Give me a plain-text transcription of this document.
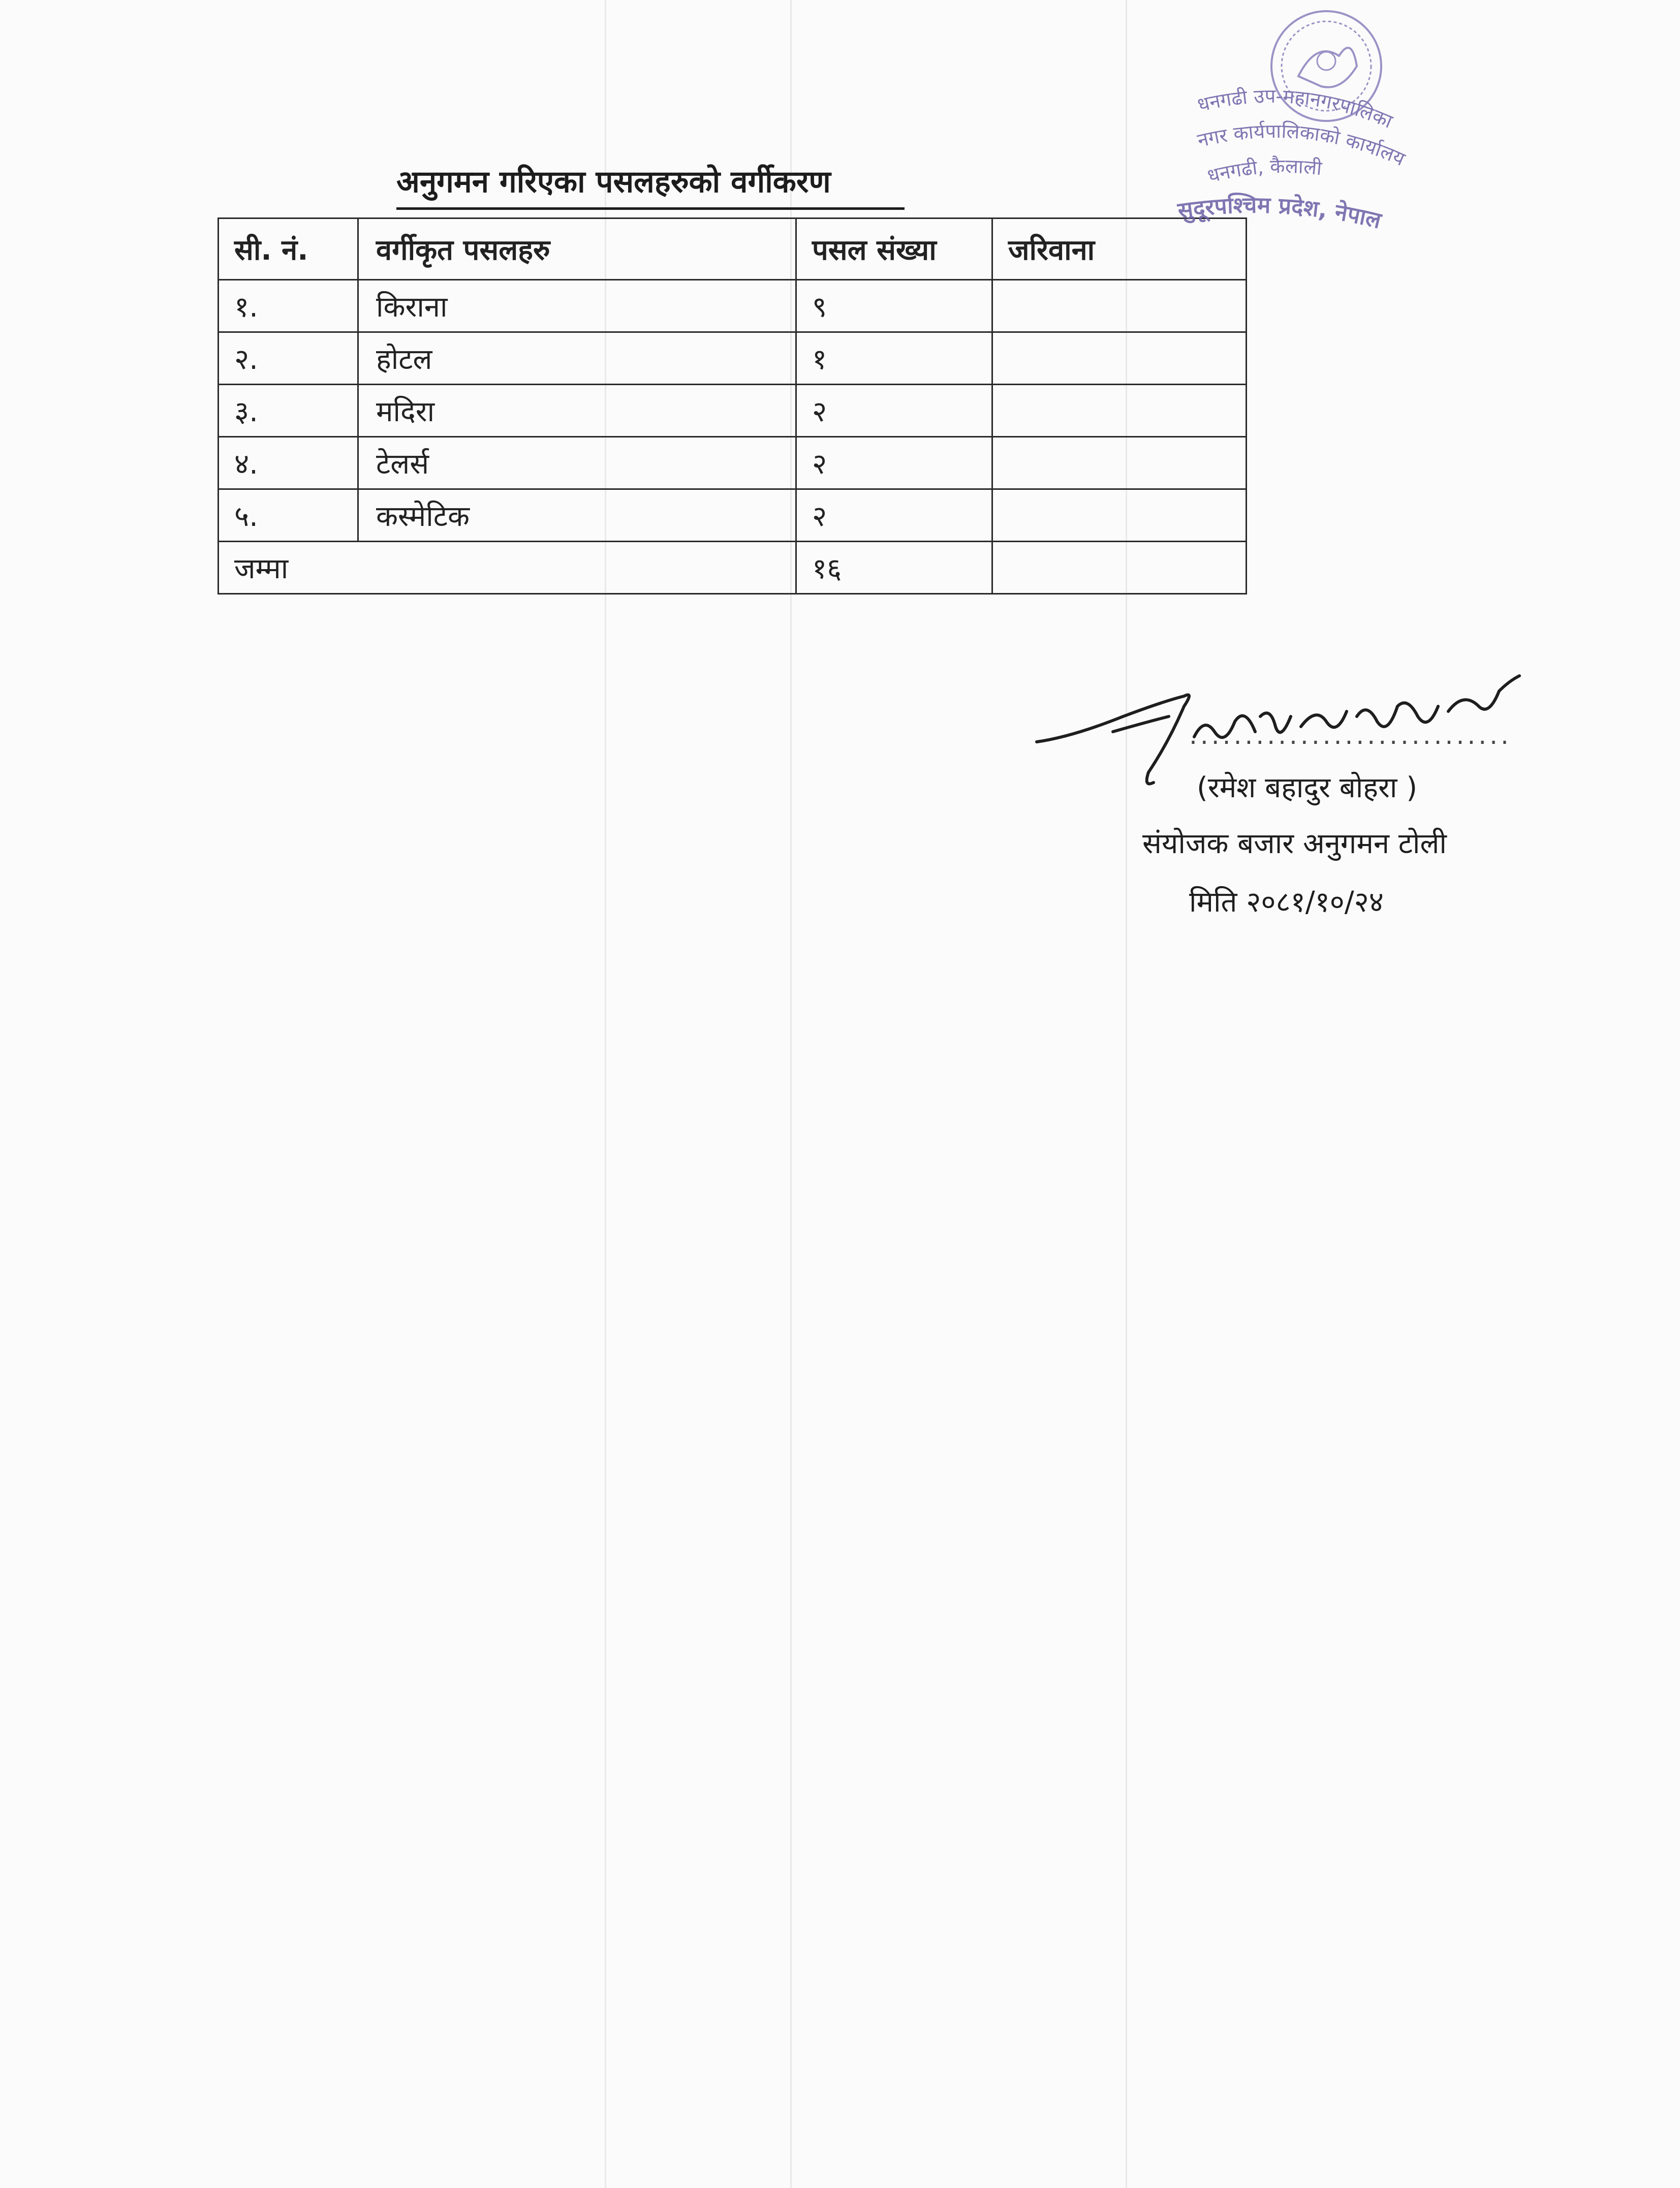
अनुगमन गरिएका पसलहरुको वर्गीकरण
सी. नं.	वर्गीकृत पसलहरु	पसल संख्या	जरिवाना
१.	किराना	९	
२.	होटल	१	
३.	मदिरा	२	
४.	टेलर्स	२	
५.	कस्मेटिक	२	
जम्मा		१६	
धनगढी उप-महानगरपालिका
नगर कार्यपालिकाको कार्यालय
धनगढी, कैलाली
सुदूरपश्चिम प्रदेश, नेपाल
.............................
(रमेश बहादुर बोहरा )
संयोजक बजार अनुगमन टोली
मिति २०८१/१०/२४
